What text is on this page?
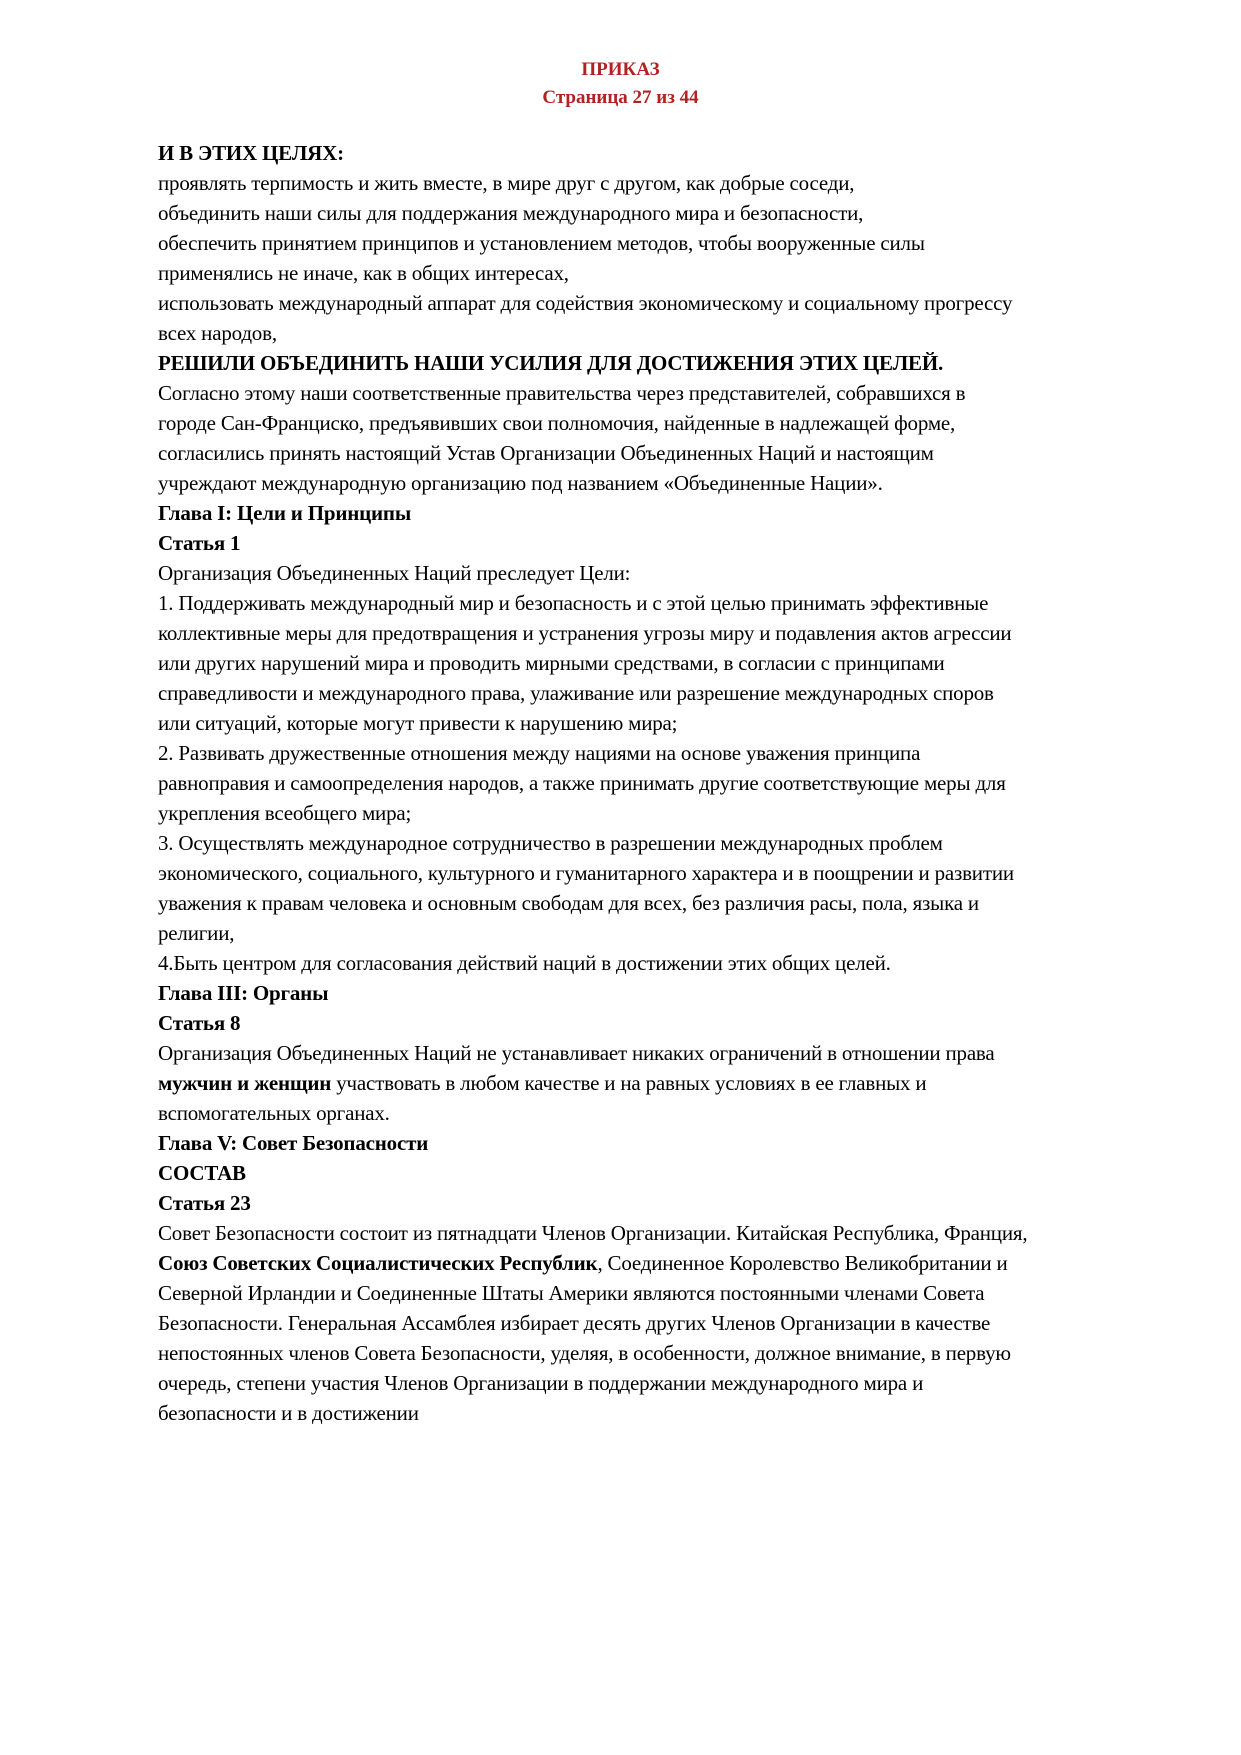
ПРИКАЗ
Страница 27 из 44
И В ЭТИХ ЦЕЛЯХ:

проявлять терпимость и жить вместе, в мире друг с другом, как добрые соседи,

объединить наши силы для поддержания международного мира и безопасности,

обеспечить принятием принципов и установлением методов, чтобы вооруженные силы применялись не иначе, как в общих интересах,

использовать международный аппарат для содействия экономическому и социальному прогрессу всех народов,

РЕШИЛИ ОБЪЕДИНИТЬ НАШИ УСИЛИЯ ДЛЯ ДОСТИЖЕНИЯ ЭТИХ ЦЕЛЕЙ.

Согласно этому наши соответственные правительства через представителей, собравшихся в городе Сан-Франциско, предъявивших свои полномочия, найденные в надлежащей форме, согласились принять настоящий Устав Организации Объединенных Наций и настоящим учреждают международную организацию под названием «Объединенные Нации».

Глава I: Цели и Принципы
Статья 1

Организация Объединенных Наций преследует Цели:

1. Поддерживать международный мир и безопасность и с этой целью принимать эффективные коллективные меры для предотвращения и устранения угрозы миру и подавления актов агрессии или других нарушений мира и проводить мирными средствами, в согласии с принципами справедливости и международного права, улаживание или разрешение международных споров или ситуаций, которые могут привести к нарушению мира;

2. Развивать дружественные отношения между нациями на основе уважения принципа равноправия и самоопределения народов, а также принимать другие соответствующие меры для укрепления всеобщего мира;

3. Осуществлять международное сотрудничество в разрешении международных проблем экономического, социального, культурного и гуманитарного характера и в поощрении и развитии уважения к правам человека и основным свободам для всех, без различия расы, пола, языка и религии,

4.Быть центром для согласования действий наций в достижении этих общих целей.

Глава III: Органы
Статья 8

Организация Объединенных Наций не устанавливает никаких ограничений в отношении права мужчин и женщин участвовать в любом качестве и на равных условиях в ее главных и вспомогательных органах.

Глава V: Совет Безопасности
СОСТАВ
Статья 23

Совет Безопасности состоит из пятнадцати Членов Организации. Китайская Республика, Франция, Союз Советских Социалистических Республик, Соединенное Королевство Великобритании и Северной Ирландии и Соединенные Штаты Америки являются постоянными членами Совета Безопасности. Генеральная Ассамблея избирает десять других Членов Организации в качестве непостоянных членов Совета Безопасности, уделяя, в особенности, должное внимание, в первую очередь, степени участия Членов Организации в поддержании международного мира и безопасности и в достижении
